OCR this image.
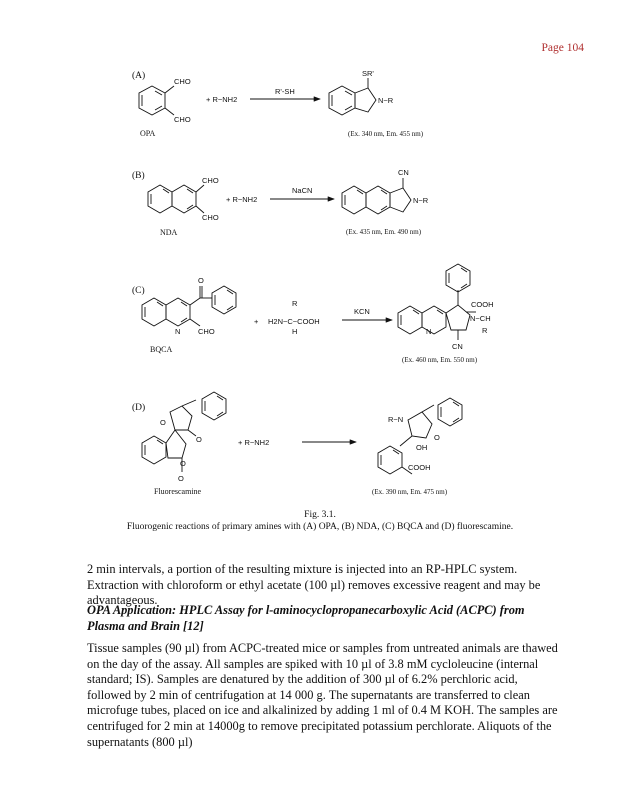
Page 104
(A)
CHO
CHO
OPA
+ R−NH2
R'-SH
SR'
N−R
(Ex. 340 nm, Em. 455 nm)
(B)	CHO
CHO
NDA
+ R−NH2
NaCN
CN
N−R
(Ex. 435 nm, Em. 490 nm)
(C)
O
N CHO
BQCA
+
R
H2N−C−COOH
H
KCN
COOH
N−CH
R
CN
N
(Ex. 460 nm, Em. 550 nm)
(D)
O
O
O
O
Fluorescamine
+ R−NH2
R−N
O
OH
COOH
(Ex. 390 nm, Em. 475 nm)
Fig. 3.1.
Fluorogenic reactions of primary amines with (A) OPA, (B) NDA, (C) BQCA and (D) fluorescamine.
2 min intervals, a portion of the resulting mixture is injected into an RP-HPLC system. Extraction with chloroform or ethyl acetate (100 µl) removes excessive reagent and may be advantageous.
OPA Application: HPLC Assay for l-aminocyclopropanecarboxylic Acid (ACPC) from Plasma and Brain [12]
Tissue samples (90 µl) from ACPC-treated mice or samples from untreated animals are thawed on the day of the assay. All samples are spiked with 10 µl of 3.8 mM cycloleucine (internal standard; IS). Samples are denatured by the addition of 300 µl of 6.2% perchloric acid, followed by 2 min of centrifugation at 14 000 g. The supernatants are transferred to clean microfuge tubes, placed on ice and alkalinized by adding 1 ml of 0.4 M KOH. The samples are centrifuged for 2 min at 14000g to remove precipitated potassium perchlorate. Aliquots of the supernatants (800 µl)
